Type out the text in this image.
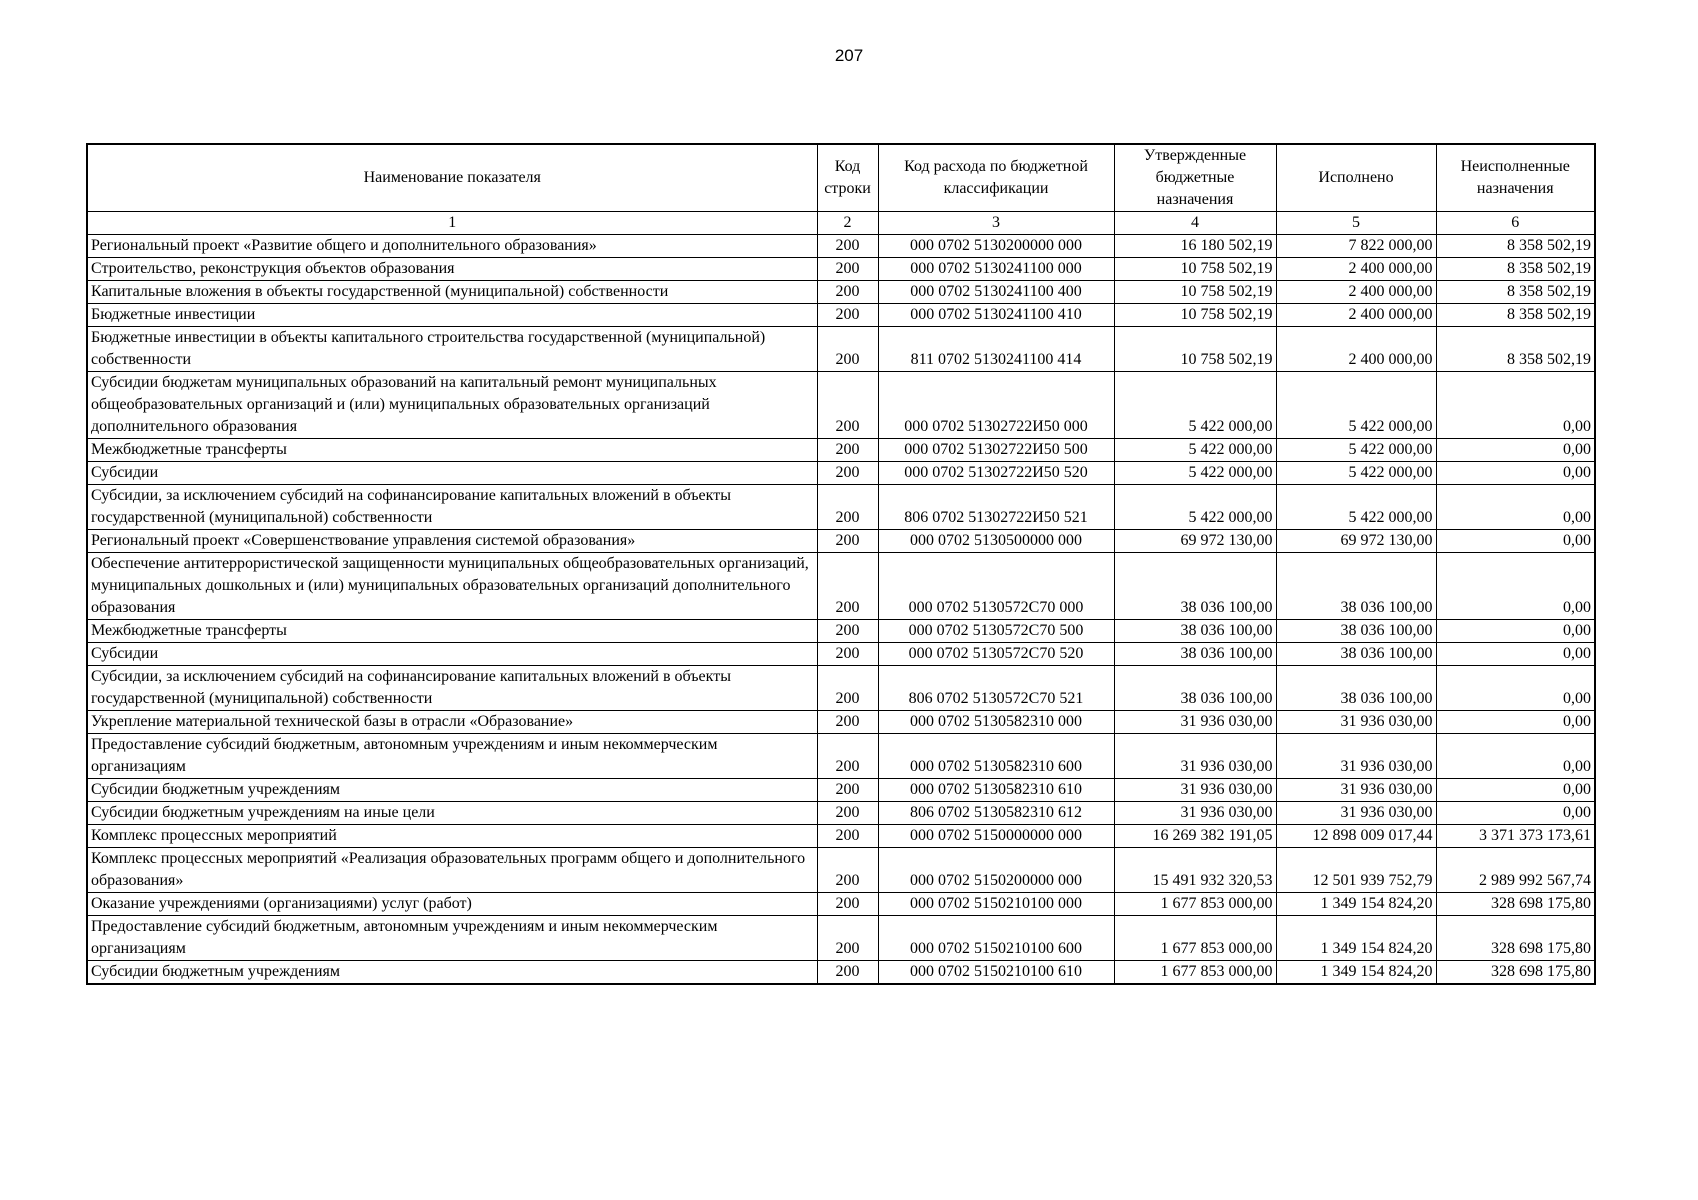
207
Наименование показателя	Код строки	Код расхода по бюджетной классификации	Утвержденные бюджетные назначения	Исполнено	Неисполненные назначения
1	2	3	4	5	6
Региональный проект «Развитие общего и дополнительного образования»	200	000 0702 5130200000 000	16 180 502,19	7 822 000,00	8 358 502,19
Строительство, реконструкция объектов образования	200	000 0702 5130241100 000	10 758 502,19	2 400 000,00	8 358 502,19
Капитальные вложения в объекты государственной (муниципальной) собственности	200	000 0702 5130241100 400	10 758 502,19	2 400 000,00	8 358 502,19
Бюджетные инвестиции	200	000 0702 5130241100 410	10 758 502,19	2 400 000,00	8 358 502,19
Бюджетные инвестиции в объекты капитального строительства государственной (муниципальной) собственности	200	811 0702 5130241100 414	10 758 502,19	2 400 000,00	8 358 502,19
Субсидии бюджетам муниципальных образований на капитальный ремонт муниципальных общеобразовательных организаций и (или) муниципальных образовательных организаций дополнительного образования	200	000 0702 51302722И50 000	5 422 000,00	5 422 000,00	0,00
Межбюджетные трансферты	200	000 0702 51302722И50 500	5 422 000,00	5 422 000,00	0,00
Субсидии	200	000 0702 51302722И50 520	5 422 000,00	5 422 000,00	0,00
Субсидии, за исключением субсидий на софинансирование капитальных вложений в объекты государственной (муниципальной) собственности	200	806 0702 51302722И50 521	5 422 000,00	5 422 000,00	0,00
Региональный проект «Совершенствование управления системой образования»	200	000 0702 5130500000 000	69 972 130,00	69 972 130,00	0,00
Обеспечение антитеррористической защищенности муниципальных общеобразовательных организаций, муниципальных дошкольных и (или) муниципальных образовательных организаций дополнительного образования	200	000 0702 5130572С70 000	38 036 100,00	38 036 100,00	0,00
Межбюджетные трансферты	200	000 0702 5130572С70 500	38 036 100,00	38 036 100,00	0,00
Субсидии	200	000 0702 5130572С70 520	38 036 100,00	38 036 100,00	0,00
Субсидии, за исключением субсидий на софинансирование капитальных вложений в объекты государственной (муниципальной) собственности	200	806 0702 5130572С70 521	38 036 100,00	38 036 100,00	0,00
Укрепление материальной технической базы в отрасли «Образование»	200	000 0702 5130582310 000	31 936 030,00	31 936 030,00	0,00
Предоставление субсидий бюджетным, автономным учреждениям и иным некоммерческим организациям	200	000 0702 5130582310 600	31 936 030,00	31 936 030,00	0,00
Субсидии бюджетным учреждениям	200	000 0702 5130582310 610	31 936 030,00	31 936 030,00	0,00
Субсидии бюджетным учреждениям на иные цели	200	806 0702 5130582310 612	31 936 030,00	31 936 030,00	0,00
Комплекс процессных мероприятий	200	000 0702 5150000000 000	16 269 382 191,05	12 898 009 017,44	3 371 373 173,61
Комплекс процессных мероприятий «Реализация образовательных программ общего и дополнительного образования»	200	000 0702 5150200000 000	15 491 932 320,53	12 501 939 752,79	2 989 992 567,74
Оказание учреждениями (организациями) услуг (работ)	200	000 0702 5150210100 000	1 677 853 000,00	1 349 154 824,20	328 698 175,80
Предоставление субсидий бюджетным, автономным учреждениям и иным некоммерческим организациям	200	000 0702 5150210100 600	1 677 853 000,00	1 349 154 824,20	328 698 175,80
Субсидии бюджетным учреждениям	200	000 0702 5150210100 610	1 677 853 000,00	1 349 154 824,20	328 698 175,80
